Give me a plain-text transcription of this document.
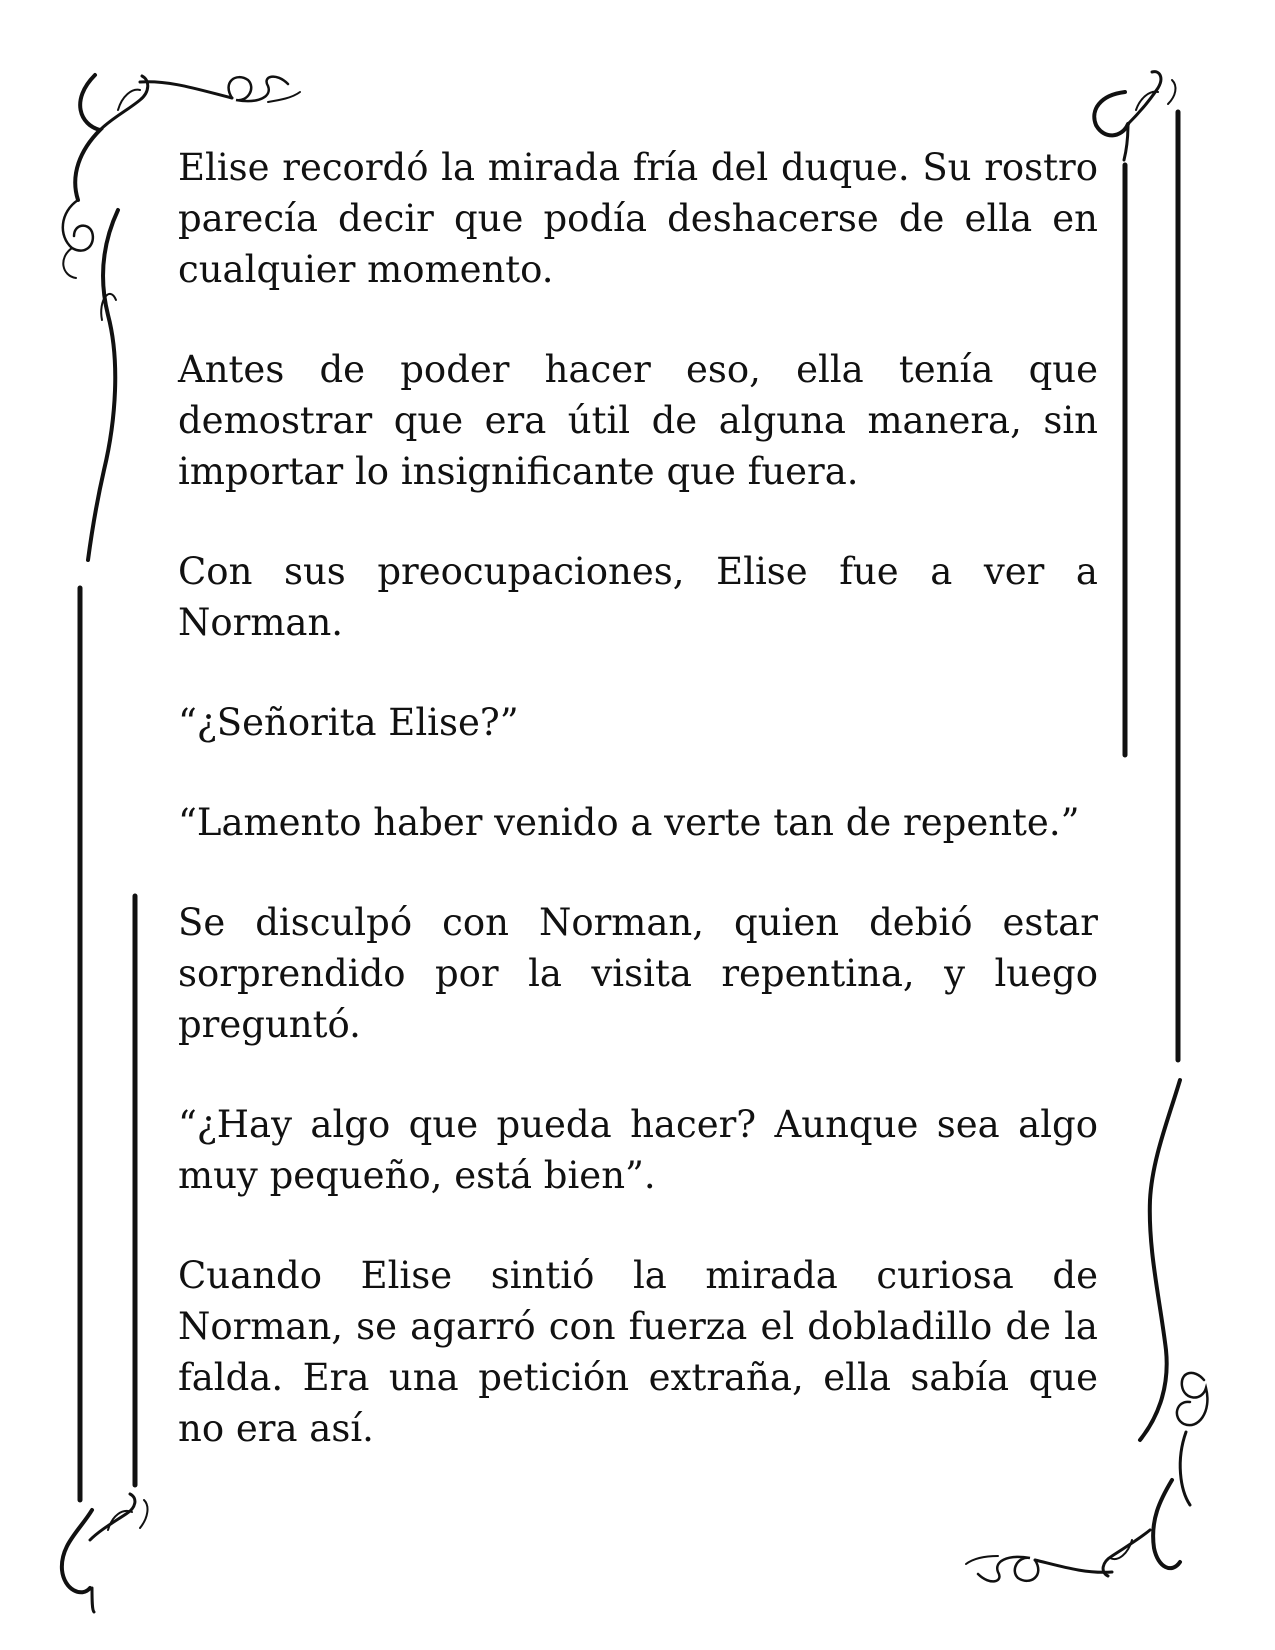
Elise recordó la mirada fría del duque. Su rostro parecía decir que podía deshacerse de ella en cualquier momento.

Antes de poder hacer eso, ella tenía que demostrar que era útil de alguna manera, sin importar lo insignificante que fuera.

Con sus preocupaciones, Elise fue a ver a Norman.

“¿Señorita Elise?”

“Lamento haber venido a verte tan de repente.”

Se disculpó con Norman, quien debió estar sorprendido por la visita repentina, y luego preguntó.

“¿Hay algo que pueda hacer? Aunque sea algo muy pequeño, está bien”.

Cuando Elise sintió la mirada curiosa de Norman, se agarró con fuerza el dobladillo de la falda. Era una petición extraña, ella sabía que no era así.
